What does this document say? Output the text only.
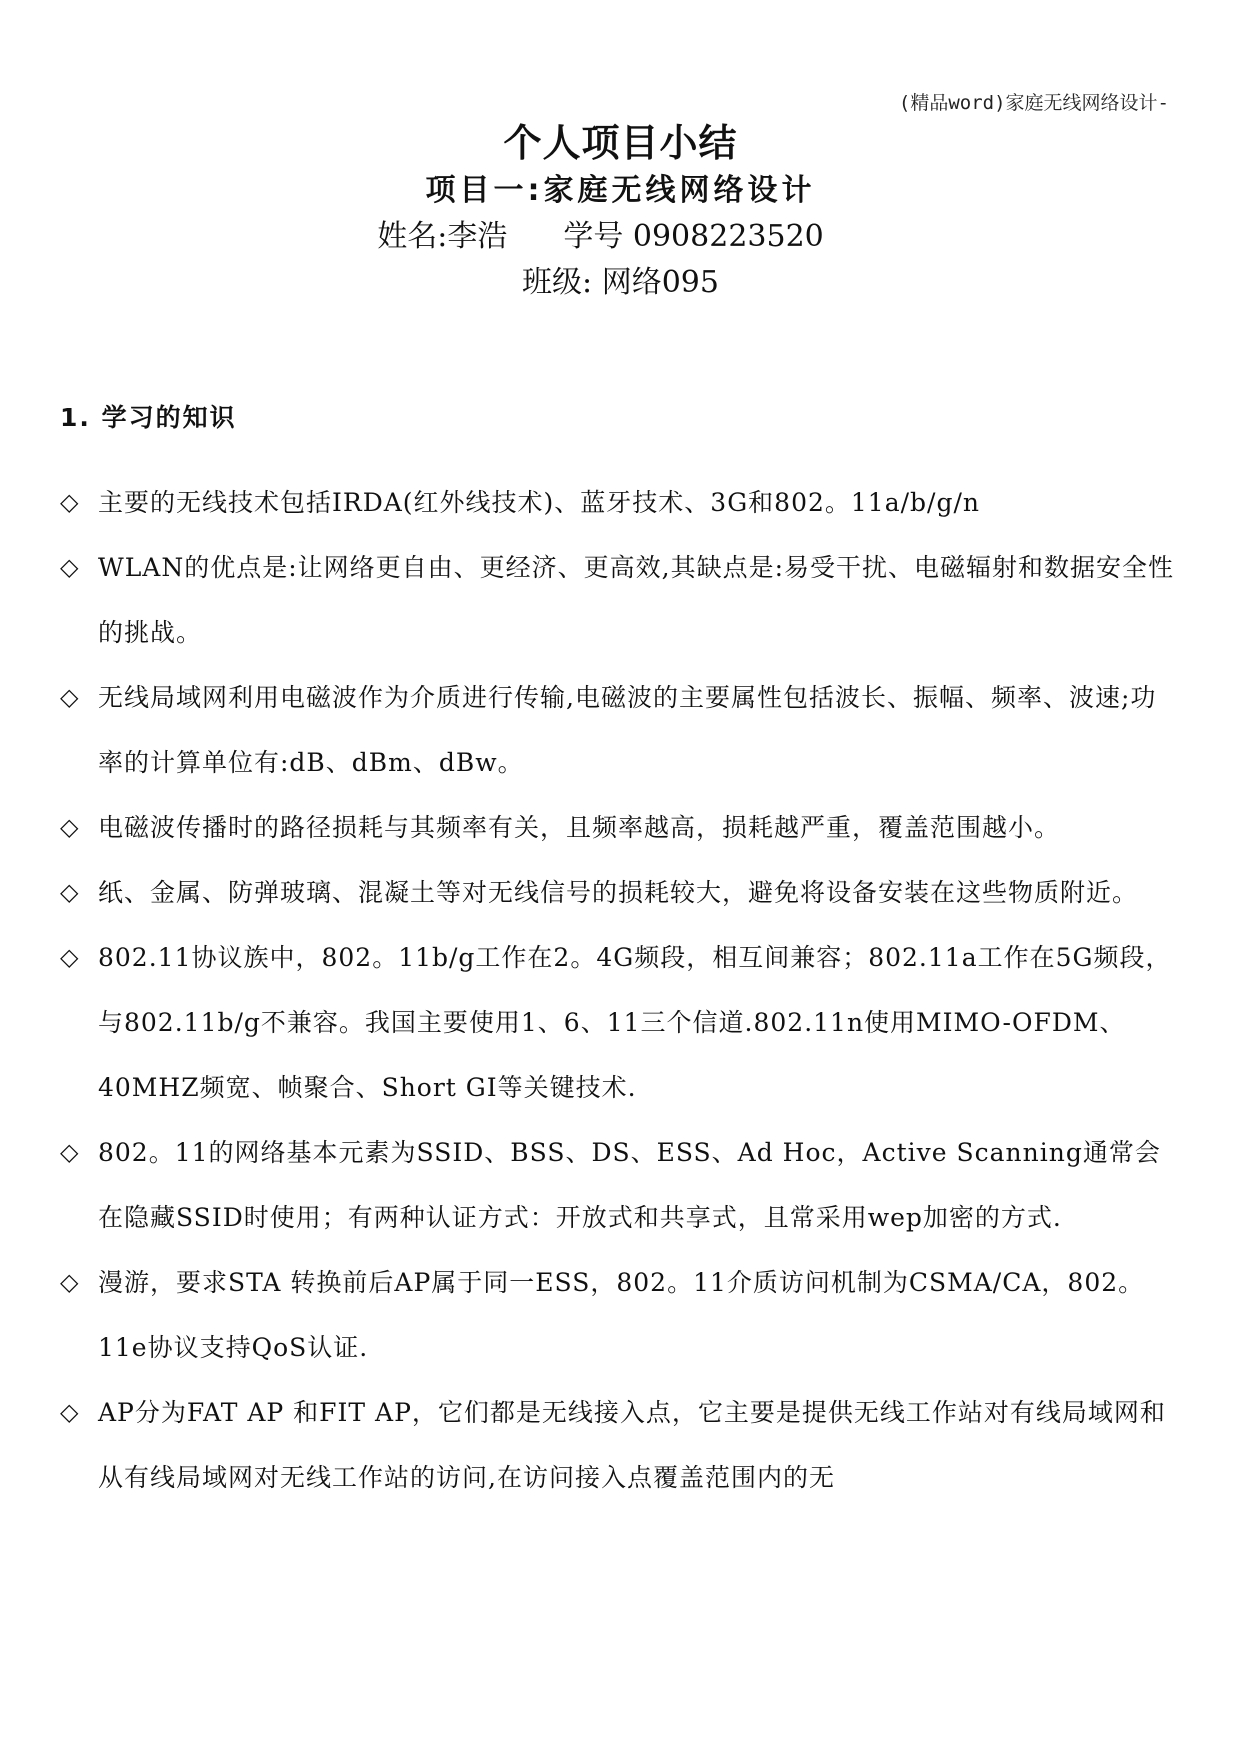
(精品word)家庭无线网络设计-
个人项目小结
项目一:家庭无线网络设计
姓名:李浩 学号 0908223520
班级: 网络095
1. 学习的知识
◇ 主要的无线技术包括IRDA(红外线技术)、蓝牙技术、3G和802。11a/b/g/n
◇ WLAN的优点是:让网络更自由、更经济、更高效,其缺点是:易受干扰、电磁辐射和数据安全性的挑战。
◇ 无线局域网利用电磁波作为介质进行传输,电磁波的主要属性包括波长、振幅、频率、波速;功率的计算单位有:dB、dBm、dBw。
◇ 电磁波传播时的路径损耗与其频率有关，且频率越高，损耗越严重，覆盖范围越小。
◇ 纸、金属、防弹玻璃、混凝土等对无线信号的损耗较大，避免将设备安装在这些物质附近。
◇ 802.11协议族中，802。11b/g工作在2。4G频段，相互间兼容；802.11a工作在5G频段，与802.11b/g不兼容。我国主要使用1、6、11三个信道.802.11n使用MIMO-OFDM、40MHZ频宽、帧聚合、Short GI等关键技术.
◇ 802。11的网络基本元素为SSID、BSS、DS、ESS、Ad Hoc，Active Scanning通常会在隐藏SSID时使用；有两种认证方式：开放式和共享式，且常采用wep加密的方式.
◇ 漫游，要求STA 转换前后AP属于同一ESS，802。11介质访问机制为CSMA/CA，802。11e协议支持QoS认证.
◇ AP分为FAT AP 和FIT AP，它们都是无线接入点，它主要是提供无线工作站对有线局域网和从有线局域网对无线工作站的访问,在访问接入点覆盖范围内的无
